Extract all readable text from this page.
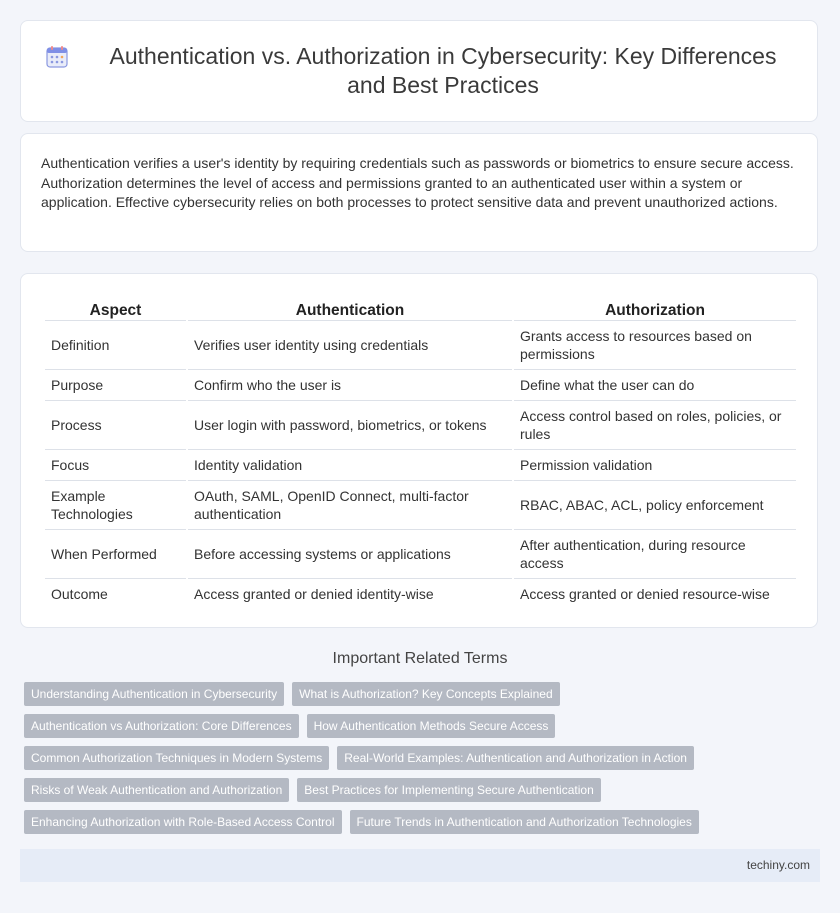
Authentication vs. Authorization in Cybersecurity: Key Differences and Best Practices

Authentication verifies a user's identity by requiring credentials such as passwords or biometrics to ensure secure access. Authorization determines the level of access and permissions granted to an authenticated user within a system or application. Effective cybersecurity relies on both processes to protect sensitive data and prevent unauthorized actions.

Aspect	Authentication	Authorization
Definition	Verifies user identity using credentials	Grants access to resources based on permissions
Purpose	Confirm who the user is	Define what the user can do
Process	User login with password, biometrics, or tokens	Access control based on roles, policies, or rules
Focus	Identity validation	Permission validation
Example Technologies	OAuth, SAML, OpenID Connect, multi-factor authentication	RBAC, ABAC, ACL, policy enforcement
When Performed	Before accessing systems or applications	After authentication, during resource access
Outcome	Access granted or denied identity-wise	Access granted or denied resource-wise
Important Related Terms
Understanding Authentication in Cybersecurity	What is Authorization? Key Concepts Explained
Authentication vs Authorization: Core Differences	How Authentication Methods Secure Access
Common Authorization Techniques in Modern Systems	Real-World Examples: Authentication and Authorization in Action
Risks of Weak Authentication and Authorization	Best Practices for Implementing Secure Authentication
Enhancing Authorization with Role-Based Access Control	Future Trends in Authentication and Authorization Technologies
techiny.com
